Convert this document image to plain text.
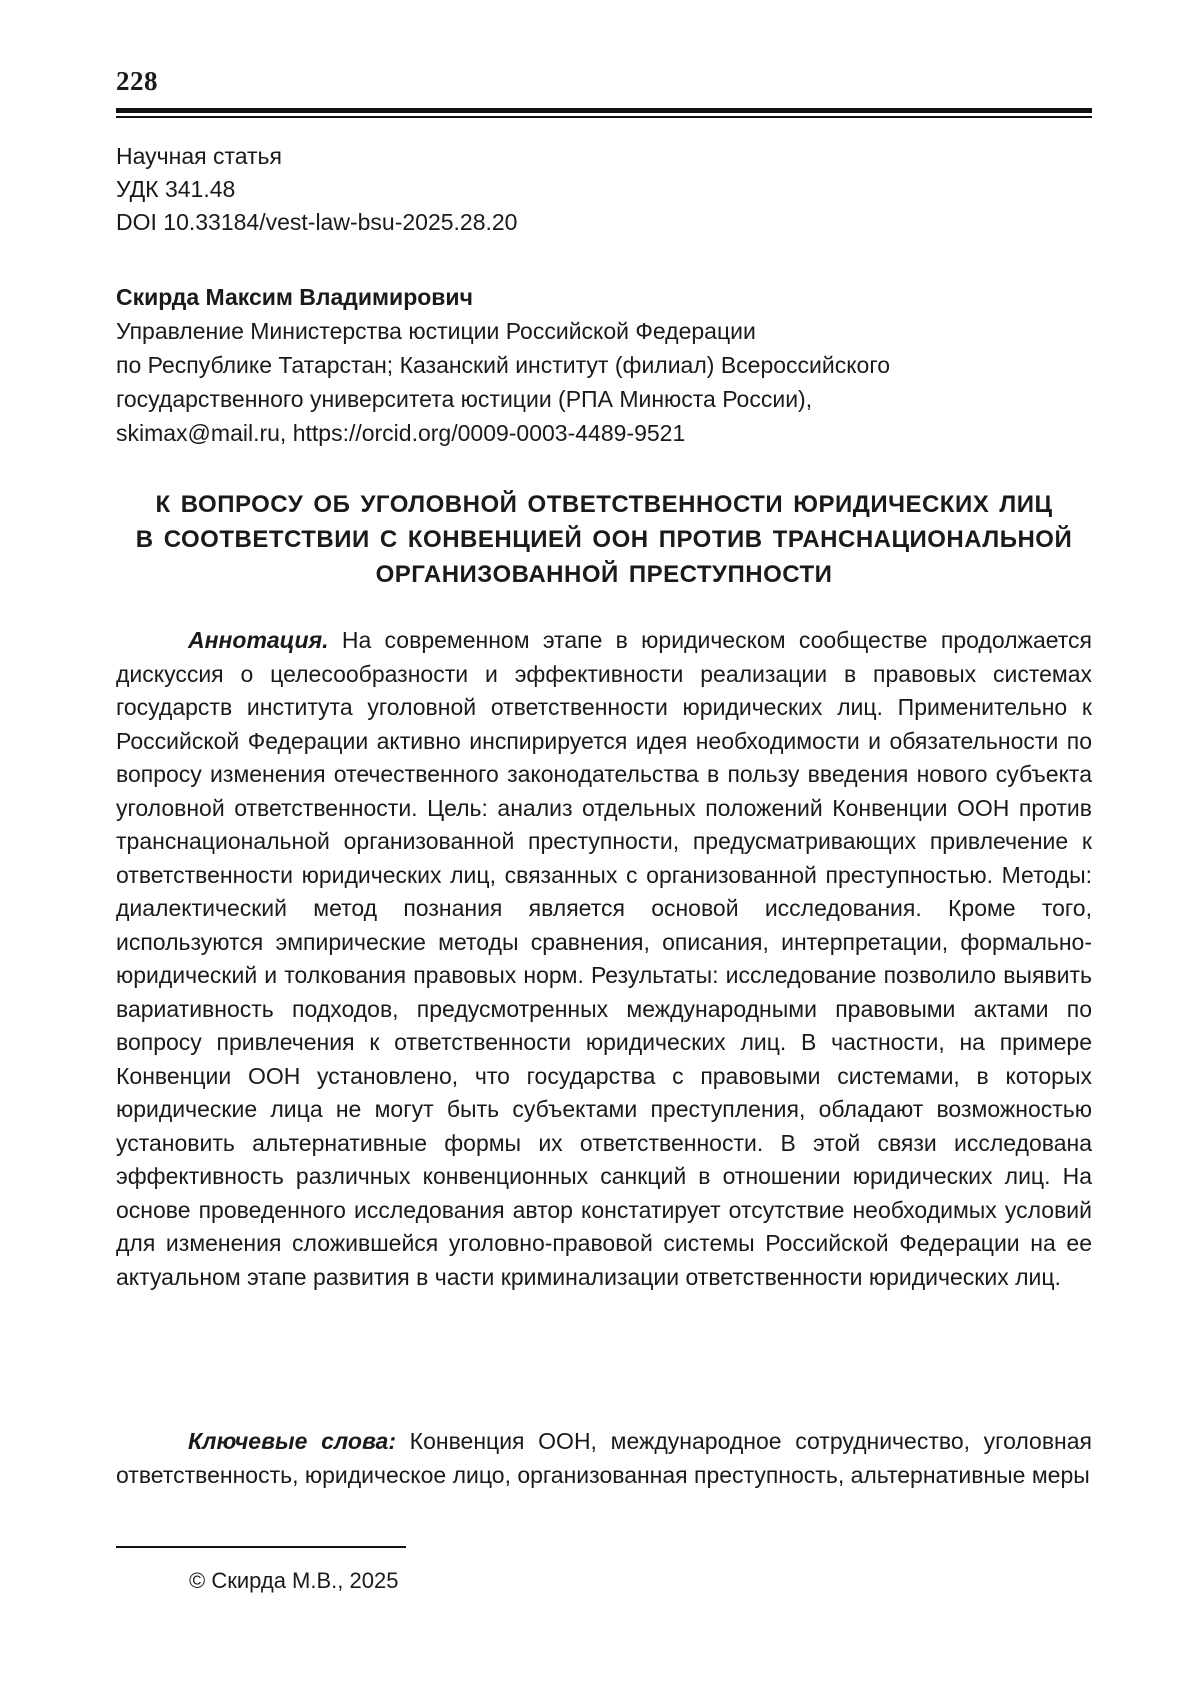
228
Научная статья
УДК 341.48
DOI 10.33184/vest-law-bsu-2025.28.20
Скирда Максим Владимирович
Управление Министерства юстиции Российской Федерации
по Республике Татарстан; Казанский институт (филиал) Всероссийского
государственного университета юстиции (РПА Минюста России),
skimax@mail.ru, https://orcid.org/0009-0003-4489-9521
К ВОПРОСУ ОБ УГОЛОВНОЙ ОТВЕТСТВЕННОСТИ ЮРИДИЧЕСКИХ ЛИЦ
В СООТВЕТСТВИИ С КОНВЕНЦИЕЙ ООН ПРОТИВ ТРАНСНАЦИОНАЛЬНОЙ
ОРГАНИЗОВАННОЙ ПРЕСТУПНОСТИ

Аннотация. На современном этапе в юридическом сообществе продолжается дискуссия о целесообразности и эффективности реализации в правовых системах государств института уголовной ответственности юридических лиц. Применительно к Российской Федерации активно инспирируется идея необходимости и обязательности по вопросу изменения отечественного законодательства в пользу введения нового субъекта уголовной ответственности. Цель: анализ отдельных положений Конвенции ООН против транснациональной организованной преступности, предусматривающих привлечение к ответственности юридических лиц, связанных с организованной преступностью. Методы: диалектический метод познания является основой исследования. Кроме того, используются эмпирические методы сравнения, описания, интерпретации, формально-юридический и толкования правовых норм. Результаты: исследование позволило выявить вариативность подходов, предусмотренных международными правовыми актами по вопросу привлечения к ответственности юридических лиц. В частности, на примере Конвенции ООН установлено, что государства с правовыми системами, в которых юридические лица не могут быть субъектами преступления, обладают возможностью установить альтернативные формы их ответственности. В этой связи исследована эффективность различных конвенционных санкций в отношении юридических лиц. На основе проведенного исследования автор констатирует отсутствие необходимых условий для изменения сложившейся уголовно-правовой системы Российской Федерации на ее актуальном этапе развития в части криминализации ответственности юридических лиц.

Ключевые слова: Конвенция ООН, международное сотрудничество, уголовная ответственность, юридическое лицо, организованная преступность, альтернативные меры

© Скирда М.В., 2025
